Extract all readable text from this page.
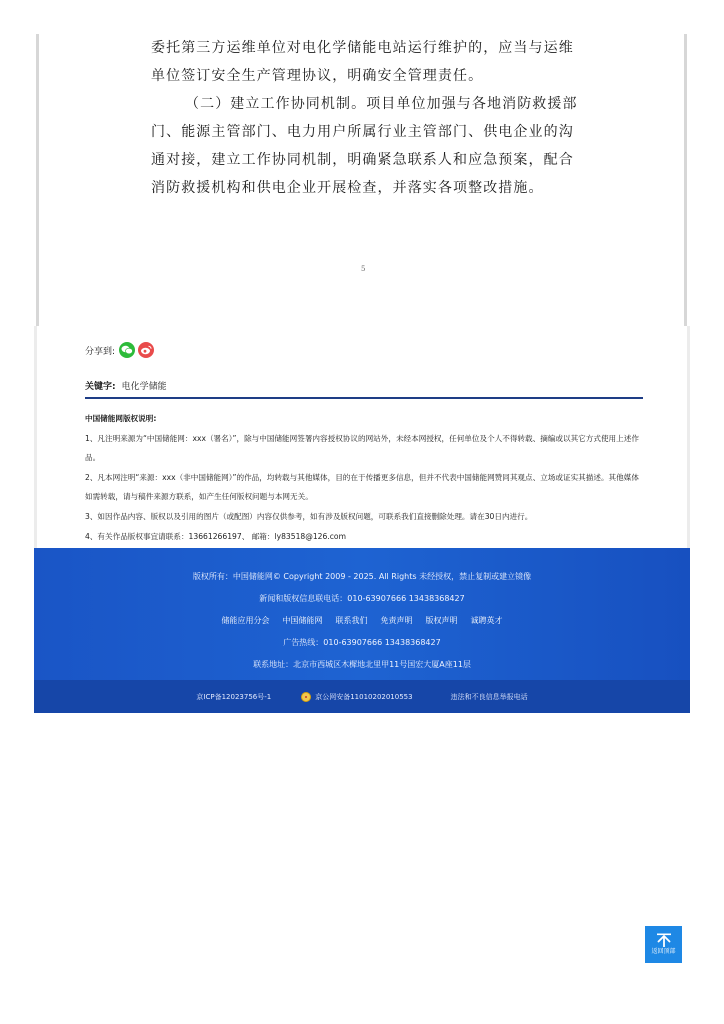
委托第三方运维单位对电化学储能电站运行维护的，应当与运维单位签订安全生产管理协议，明确安全管理责任。

（二）建立工作协同机制。项目单位加强与各地消防救援部门、能源主管部门、电力用户所属行业主管部门、供电企业的沟通对接，建立工作协同机制，明确紧急联系人和应急预案，配合消防救援机构和供电企业开展检查，并落实各项整改措施。

5
分享到:
关键字: 电化学储能

中国储能网版权说明:

1、凡注明来源为“中国储能网：xxx（署名）”，除与中国储能网签署内容授权协议的网站外，未经本网授权，任何单位及个人不得转载、摘编或以其它方式使用上述作品。

2、凡本网注明“来源：xxx（非中国储能网）”的作品，均转载与其他媒体，目的在于传播更多信息，但并不代表中国储能网赞同其观点、立场或证实其描述。其他媒体如需转载，请与稿件来源方联系，如产生任何版权问题与本网无关。

3、如因作品内容、版权以及引用的图片（或配图）内容仅供参考，如有涉及版权问题，可联系我们直接删除处理。请在30日内进行。

4、有关作品版权事宜请联系：13661266197、 邮箱：ly83518@126.com

版权所有：中国储能网© Copyright 2009 - 2025. All Rights 未经授权，禁止复制或建立镜像
新闻和版权信息联电话：010-63907666 13438368427
储能应用分会 中国储能网 联系我们 免责声明 版权声明 诚聘英才
广告热线：010-63907666 13438368427
联系地址：北京市西城区木樨地北里甲11号国宏大厦A座11层
京ICP备12023756号-1	京公网安备11010202010553	违法和不良信息举报电话
返回顶部
